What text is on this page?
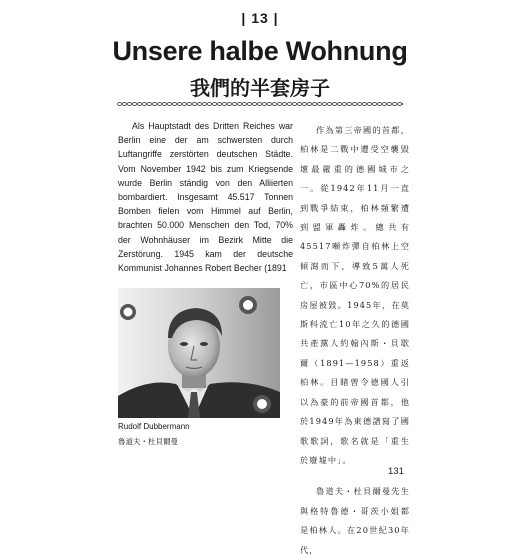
| 13 |
Unsere halbe Wohnung
我們的半套房子

Als Hauptstadt des Dritten Reiches war Berlin eine der am schwersten durch Luftangriffe zerstörten deutschen Städte. Vom November 1942 bis zum Kriegsende wurde Berlin ständig von den Alliierten bombardiert. Insgesamt 45.517 Tonnen Bomben fielen vom Himmel auf Berlin, brachten 50.000 Menschen den Tod, 70% der Wohnhäuser im Bezirk Mitte die Zerstörung. 1945 kam der deutsche Kommunist Johannes Robert Becher (1891

Rudolf Dubbermann
魯道夫・杜貝爾曼

作為第三帝國的首都，柏林是二戰中遭受空襲毀壞最嚴重的德國城市之一。從1942年11月一直到戰爭結束，柏林頻繁遭到盟軍轟炸。總共有45517噸炸彈自柏林上空傾瀉而下，導致5萬人死亡，市區中心70%的居民房屋被毀。1945年，在莫斯科流亡10年之久的德國共產黨人約翰內斯・貝歇爾（1891—1958）重返柏林。目睹曾令德國人引以為豪的前帝國首都，他於1949年為東德譜寫了國歌歌詞，歌名就是「重生於廢墟中」。

魯道夫・杜貝爾曼先生與格特魯德・哥茨小姐都是柏林人。在20世紀30年代，

131
